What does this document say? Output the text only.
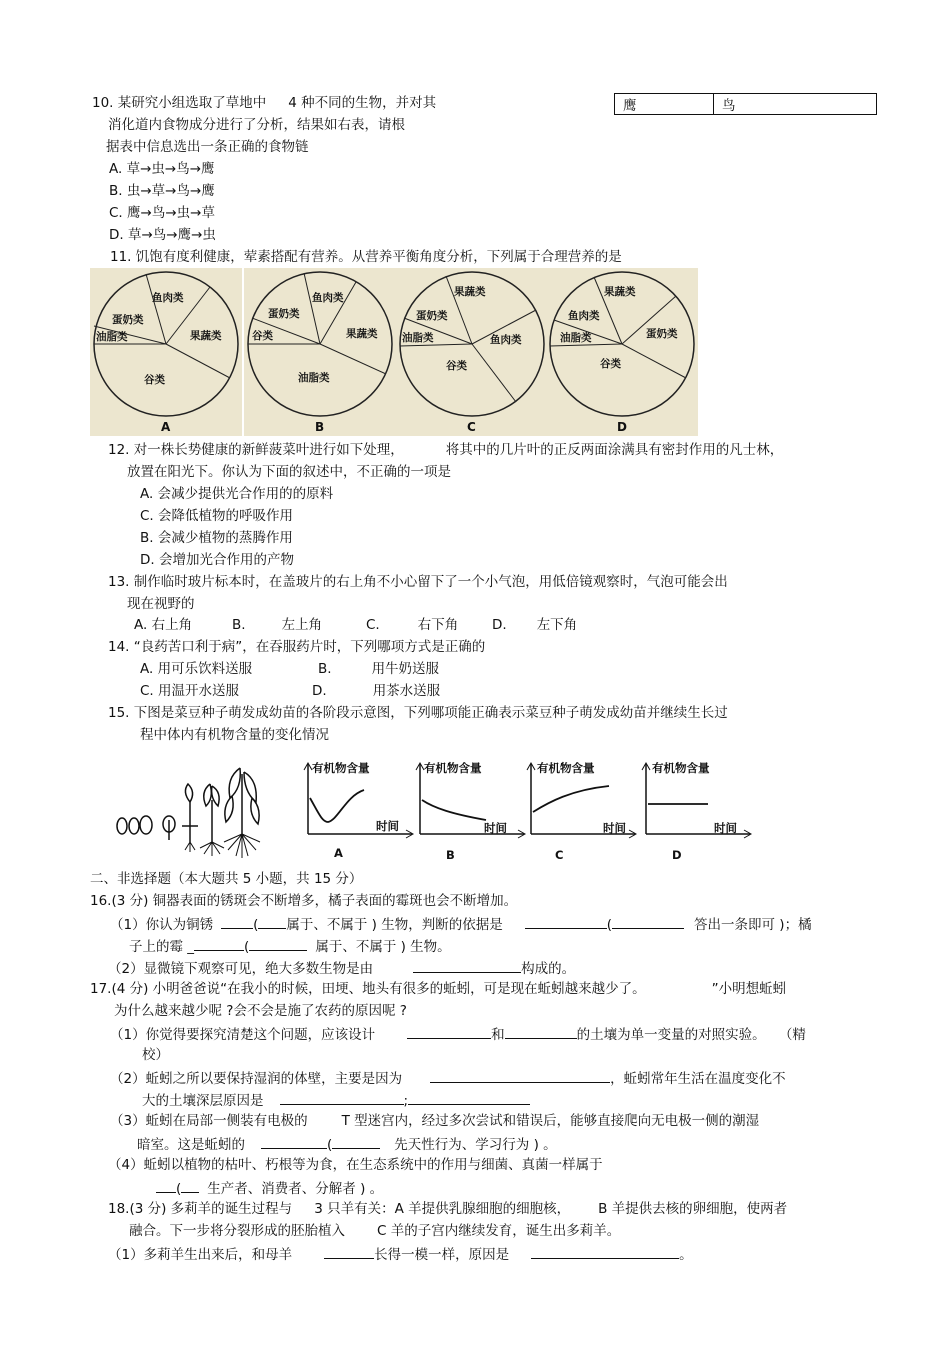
10. 某研究小组选取了草地中 4 种不同的生物，并对其
消化道内食物成分进行了分析，结果如右表，请根
据表中信息选出一条正确的食物链
A. 草→虫→鸟→鹰
B. 虫→草→鸟→鹰
C. 鹰→鸟→虫→草
D. 草→鸟→鹰→虫
鹰	鸟
11. 饥饱有度利健康，荤素搭配有营养。从营养平衡角度分析，下列属于合理营养的是
鱼肉类
蛋奶类
果蔬类
油脂类
谷类
A
鱼肉类
蛋奶类
果蔬类
谷类
油脂类
B
果蔬类
蛋奶类
油脂类	鱼肉类
谷类
C
果蔬类
鱼肉类
油脂类	蛋奶类
谷类
D
12. 对一株长势健康的新鲜菠菜叶进行如下处理，	将其中的几片叶的正反两面涂满具有密封作用的凡士林，
放置在阳光下。你认为下面的叙述中，不正确的一项是
A. 会减少提供光合作用的的原料
C. 会降低植物的呼吸作用
B. 会减少植物的蒸腾作用
D. 会增加光合作用的产物
13. 制作临时玻片标本时，在盖玻片的右上角不小心留下了一个小气泡，用低倍镜观察时，气泡可能会出
现在视野的
A. 右上角	B.	左上角	C.	右下角	D. 左下角
14. “良药苦口利于病”，在吞服药片时，下列哪项方式是正确的
A. 用可乐饮料送服	B.	用牛奶送服
C. 用温开水送服	D.	用茶水送服
15. 下图是菜豆种子萌发成幼苗的各阶段示意图，下列哪项能正确表示菜豆种子萌发成幼苗并继续生长过
程中体内有机物含量的变化情况
有机物含量
时间
A
有机物含量
时间
B
有机物含量
时间
C
有机物含量
时间
D
二、非选择题（本大题共 5 小题，共 15 分）
16.(3 分) 铜器表面的锈斑会不断增多，橘子表面的霉斑也会不断增加。
（1）你认为铜锈	( 属于、不属于 ) 生物，判断的依据是	(	答出一条即可 )；橘
子上的霉 _	(	属于、不属于 ) 生物。
（2）显微镜下观察可见，绝大多数生物是由	构成的。
17.(4 分) 小明爸爸说“在我小的时候，田埂、地头有很多的蚯蚓，可是现在蚯蚓越来越少了。	”小明想蚯蚓
为什么越来越少呢 ?会不会是施了农药的原因呢 ?
（1）你觉得要探究清楚这个问题，应该设计	和	的土壤为单一变量的对照实验。 （精
校）
（2）蚯蚓之所以要保持湿润的体壁，主要是因为	，蚯蚓常年生活在温度变化不
大的土壤深层原因是	;
（3）蚯蚓在局部一侧装有电极的	T 型迷宫内，经过多次尝试和错误后，能够直接爬向无电极一侧的潮湿
暗室。这是蚯蚓的	(	先天性行为、学习行为 ) 。
（4）蚯蚓以植物的枯叶、朽根等为食，在生态系统中的作用与细菌、真菌一样属于
( 生产者、消费者、分解者 ) 。
18.(3 分) 多莉羊的诞生过程与 3 只羊有关：A 羊提供乳腺细胞的细胞核， B 羊提供去核的卵细胞，使两者
融合。下一步将分裂形成的胚胎植入 C 羊的子宫内继续发育，诞生出多莉羊。
（1）多莉羊生出来后，和母羊	长得一模一样，原因是	。
